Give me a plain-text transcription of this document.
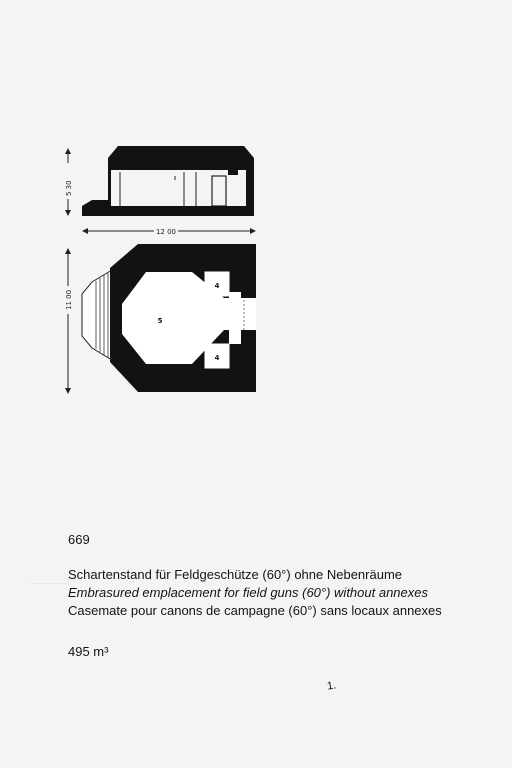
―――
5 30
12 00
11 00
5
4
4
669
Schartenstand für Feldgeschütze (60°) ohne Nebenräume
Embrasured emplacement for field guns (60°) without annexes
Casemate pour canons de campagne (60°) sans locaux annexes
495 m³
1.
